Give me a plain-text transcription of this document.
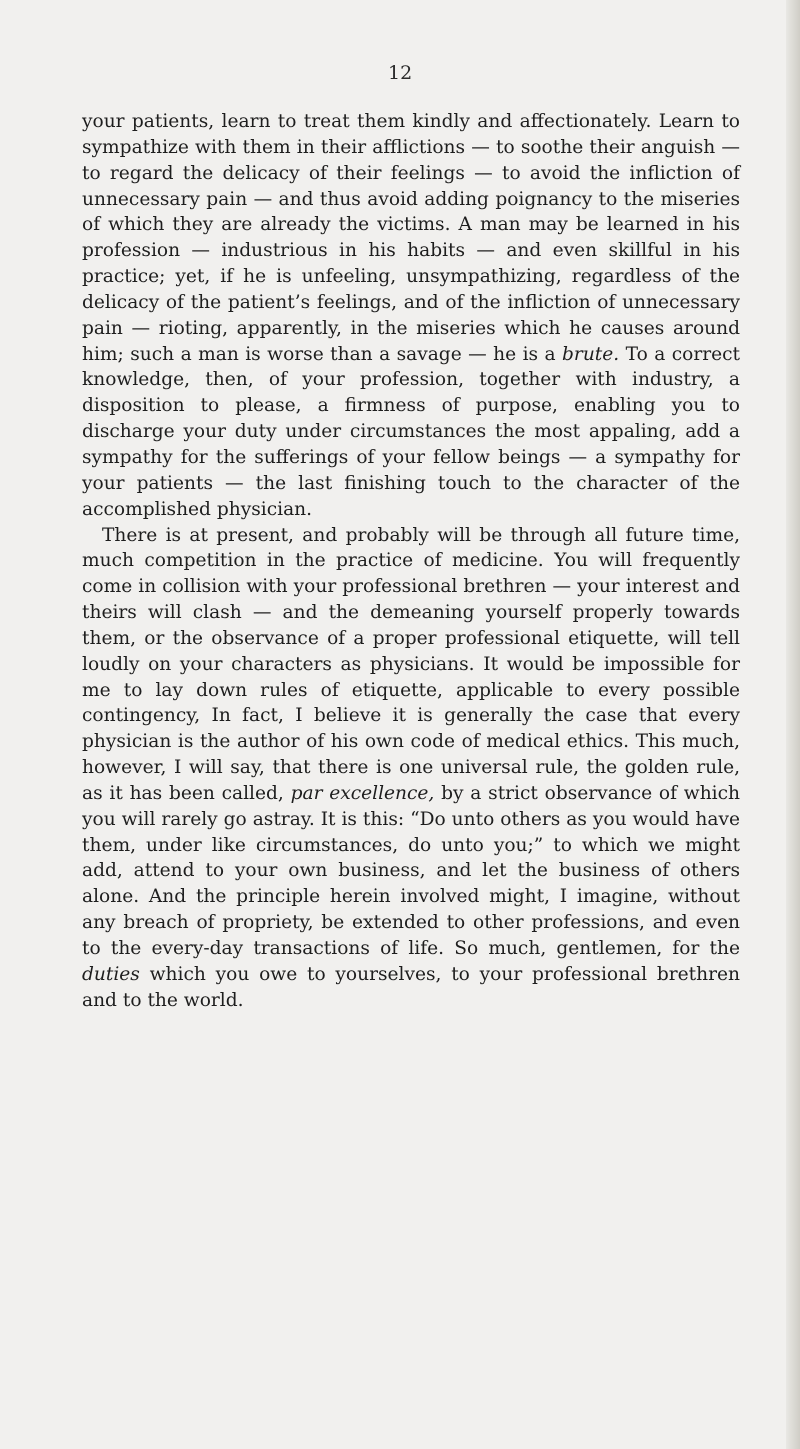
12

your patients, learn to treat them kindly and affectionately. Learn to sympathize with them in their afflictions — to soothe their anguish — to regard the delicacy of their feelings — to avoid the infliction of unnecessary pain — and thus avoid adding poignancy to the miseries of which they are already the victims. A man may be learned in his profession — industrious in his habits — and even skillful in his practice; yet, if he is unfeeling, unsympathizing, regardless of the delicacy of the patient’s feelings, and of the infliction of unnecessary pain — rioting, apparently, in the miseries which he causes around him; such a man is worse than a savage — he is a brute. To a correct knowledge, then, of your profession, together with industry, a disposition to please, a firmness of purpose, enabling you to discharge your duty under circumstances the most appaling, add a sympathy for the sufferings of your fellow beings — a sympathy for your patients — the last finishing touch to the character of the accomplished physician.

There is at present, and probably will be through all future time, much competition in the practice of medicine. You will frequently come in collision with your professional brethren — your interest and theirs will clash — and the demeaning yourself properly towards them, or the observance of a proper professional etiquette, will tell loudly on your characters as physicians. It would be impossible for me to lay down rules of etiquette, applicable to every possible contingency, In fact, I believe it is generally the case that every physician is the author of his own code of medical ethics. This much, however, I will say, that there is one universal rule, the golden rule, as it has been called, par excellence, by a strict observance of which you will rarely go astray. It is this: “Do unto others as you would have them, under like circumstances, do unto you;” to which we might add, attend to your own business, and let the business of others alone. And the principle herein involved might, I imagine, without any breach of propriety, be extended to other professions, and even to the every-day transactions of life. So much, gentlemen, for the duties which you owe to yourselves, to your professional brethren and to the world.
